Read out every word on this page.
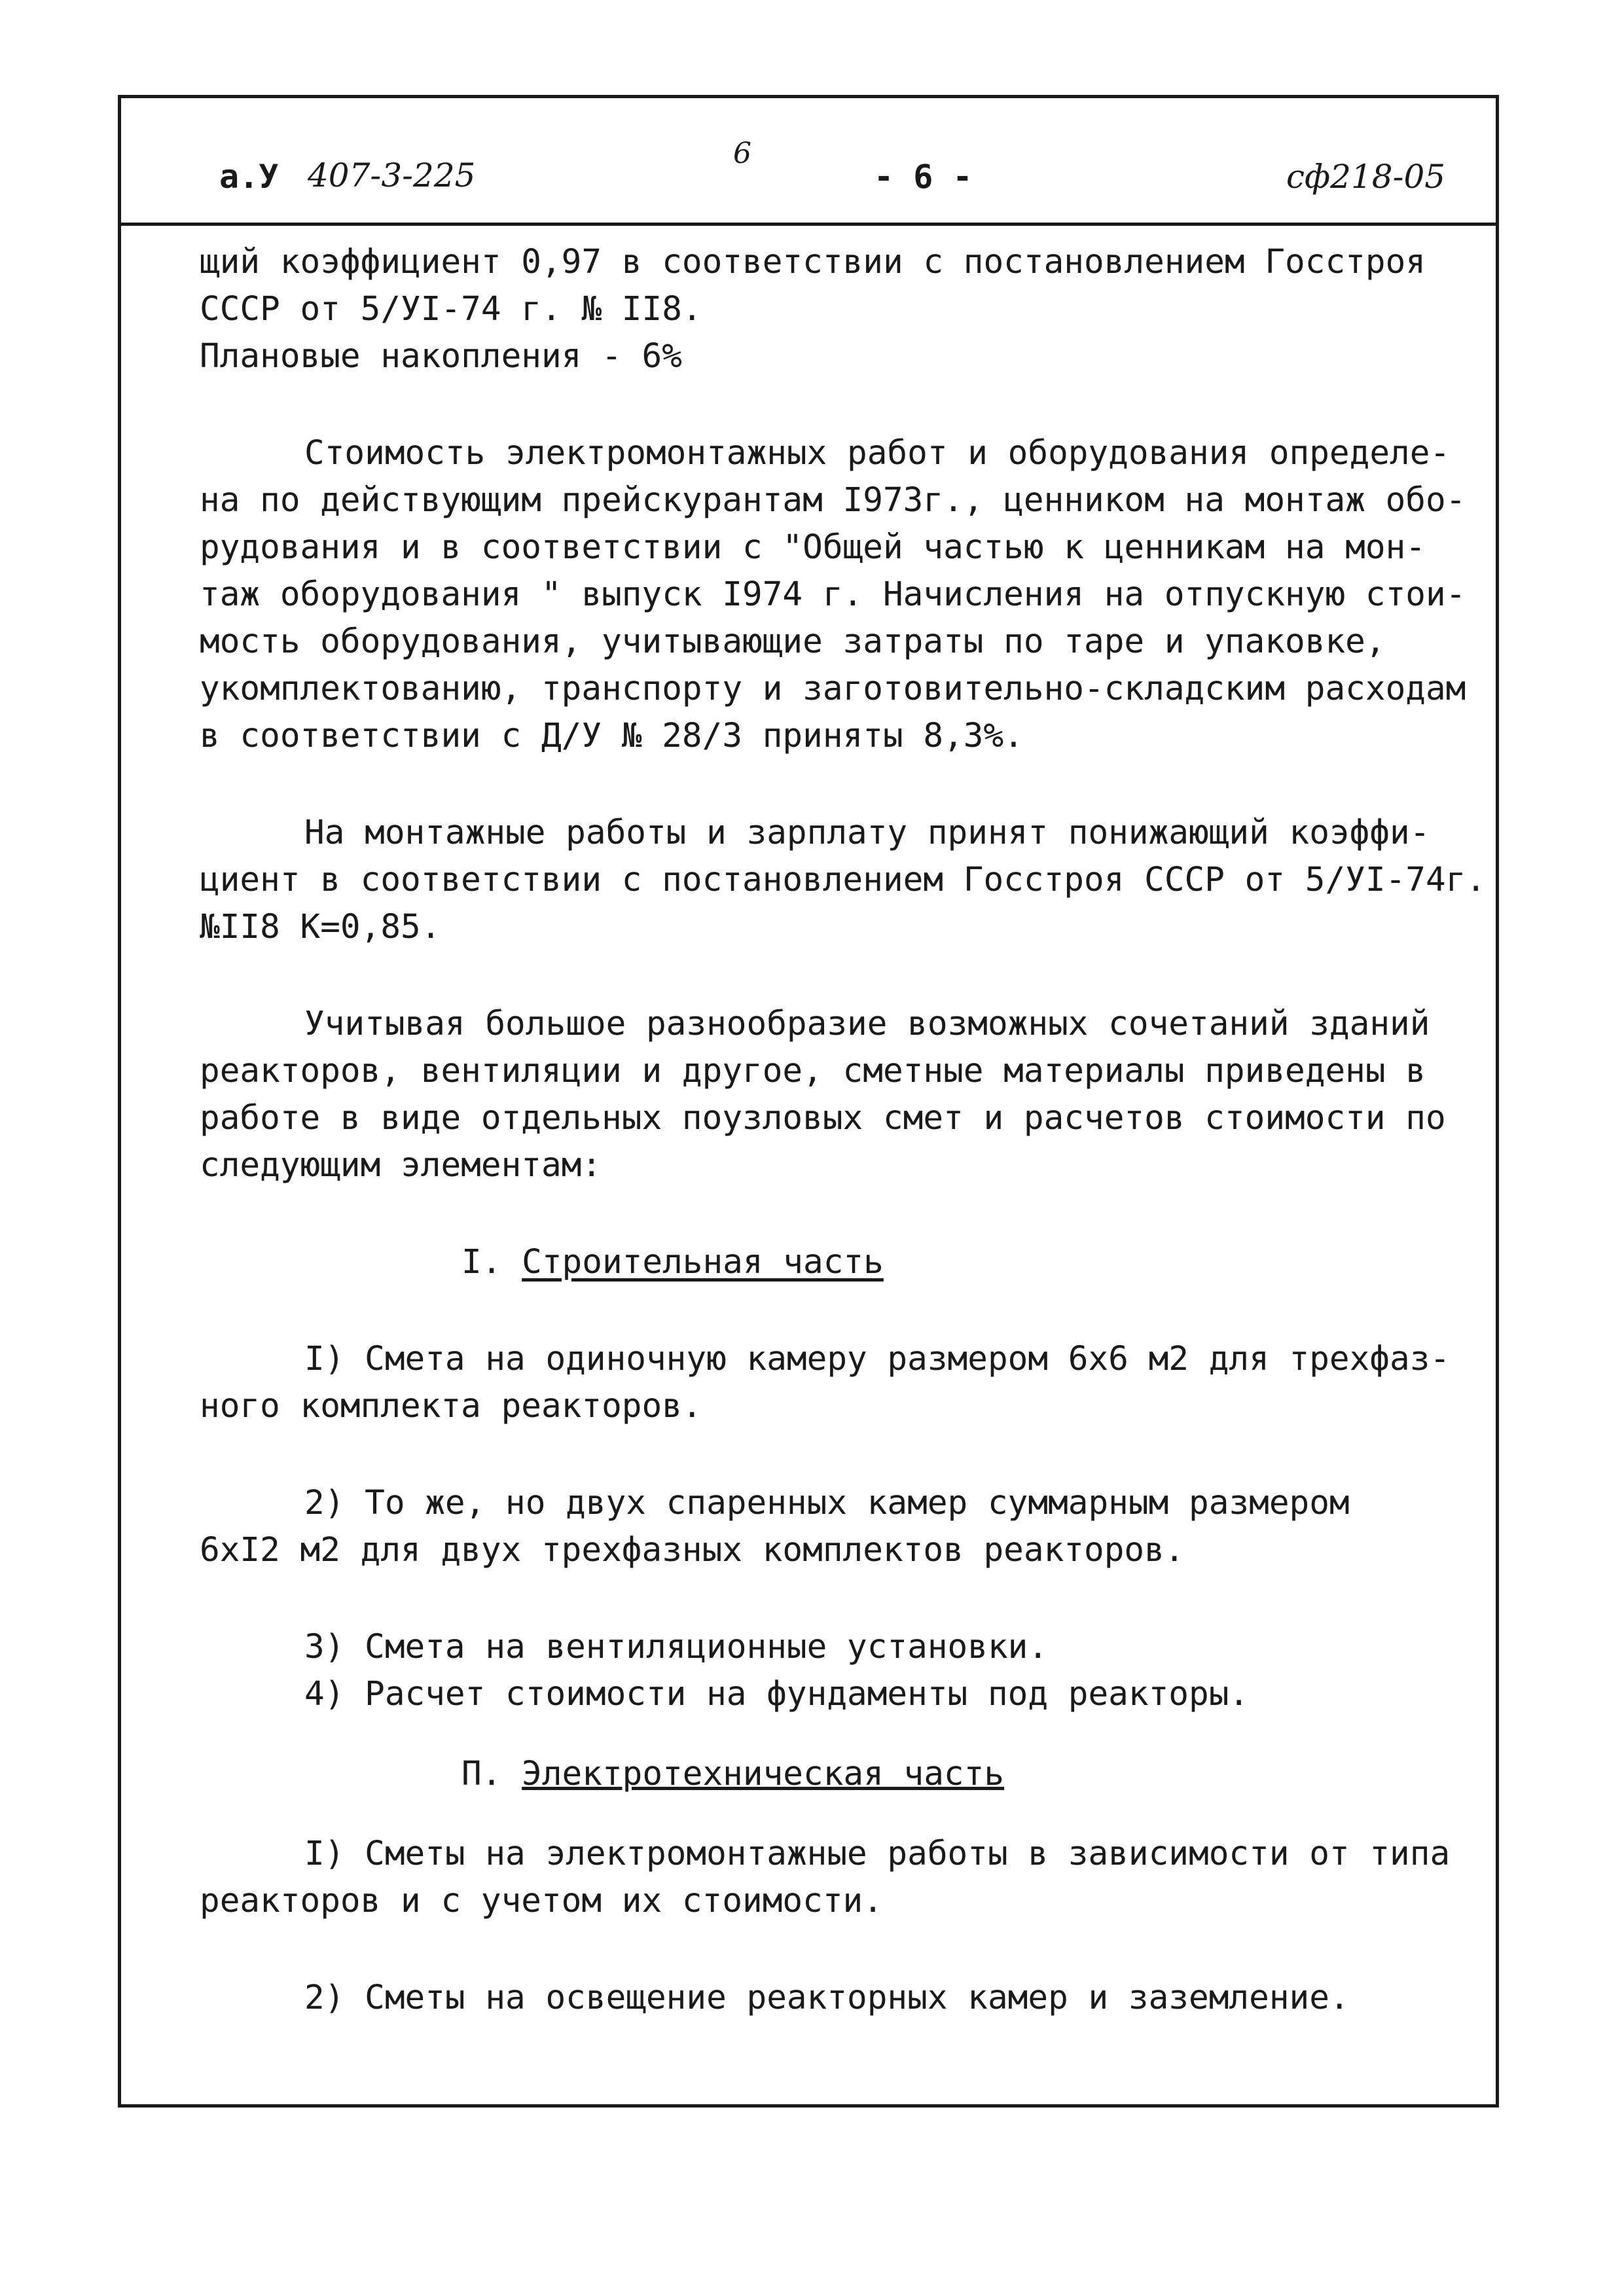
а.У 407-3-225
6
- 6 -	сф218-05
щий коэффициент 0,97 в соответствии с постановлением Госстроя
СССР от 5/УI-74 г. № II8.
Плановые накопления - 6%
Стоимость электромонтажных работ и оборудования определе-
на по действующим прейскурантам I973г., ценником на монтаж обо-
рудования и в соответствии с "Общей частью к ценникам на мон-
таж оборудования " выпуск I974 г. Начисления на отпускную стои-
мость оборудования, учитывающие затраты по таре и упаковке,
укомплектованию, транспорту и заготовительно-складским расходам
в соответствии с Д/У № 28/3 приняты 8,3%.
На монтажные работы и зарплату принят понижающий коэффи-
циент в соответствии с постановлением Госстроя СССР от 5/УI-74г.
№II8 К=0,85.
Учитывая большое разнообразие возможных сочетаний зданий
реакторов, вентиляции и другое, сметные материалы приведены в
работе в виде отдельных поузловых смет и расчетов стоимости по
следующим элементам:
I. Строительная часть
I) Смета на одиночную камеру размером 6х6 м2 для трехфаз-
ного комплекта реакторов.
2) То же, но двух спаренных камер суммарным размером
6хI2 м2 для двух трехфазных комплектов реакторов.
3) Смета на вентиляционные установки.
4) Расчет стоимости на фундаменты под реакторы.
П. Электротехническая часть
I) Сметы на электромонтажные работы в зависимости от типа
реакторов и с учетом их стоимости.
2) Сметы на освещение реакторных камер и заземление.
